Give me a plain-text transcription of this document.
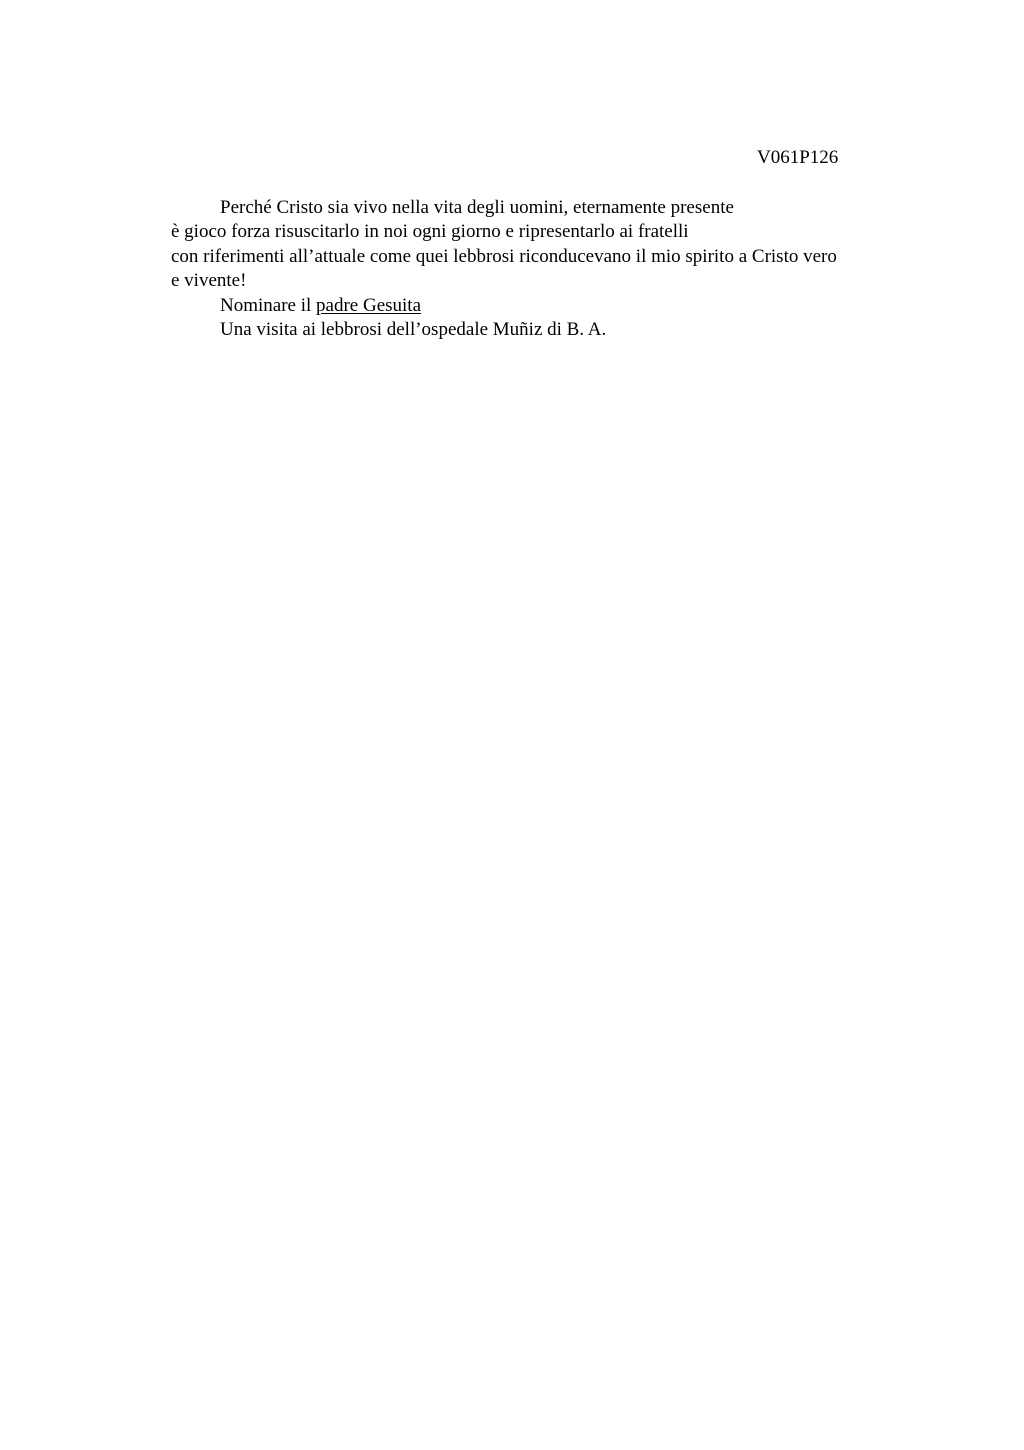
V061P126
Perché Cristo sia vivo nella vita degli uomini, eternamente presente
è gioco forza risuscitarlo in noi ogni giorno e ripresentarlo ai fratelli
con riferimenti all’attuale come quei lebbrosi riconducevano il mio spirito a Cristo vero
e vivente!
Nominare il padre Gesuita
Una visita ai lebbrosi dell’ospedale Muñiz di B. A.
